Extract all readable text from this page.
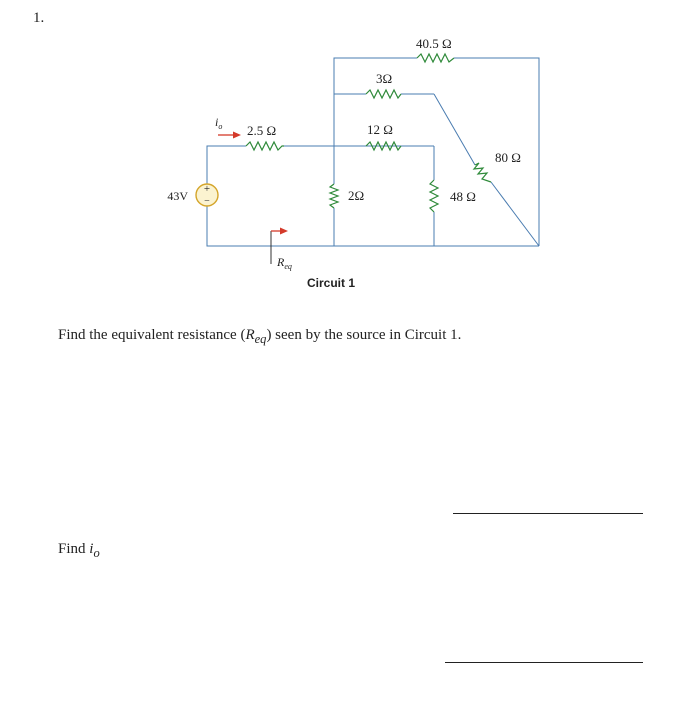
1.
+
−
43V
$i_o$
$R_{eq}$
2.5 Ω
3Ω
12 Ω
40.5 Ω
2Ω	48 Ω
80 Ω
Circuit 1
Find the equivalent resistance $(R_{eq})$ seen by the source in Circuit 1.
Find $i_o$
